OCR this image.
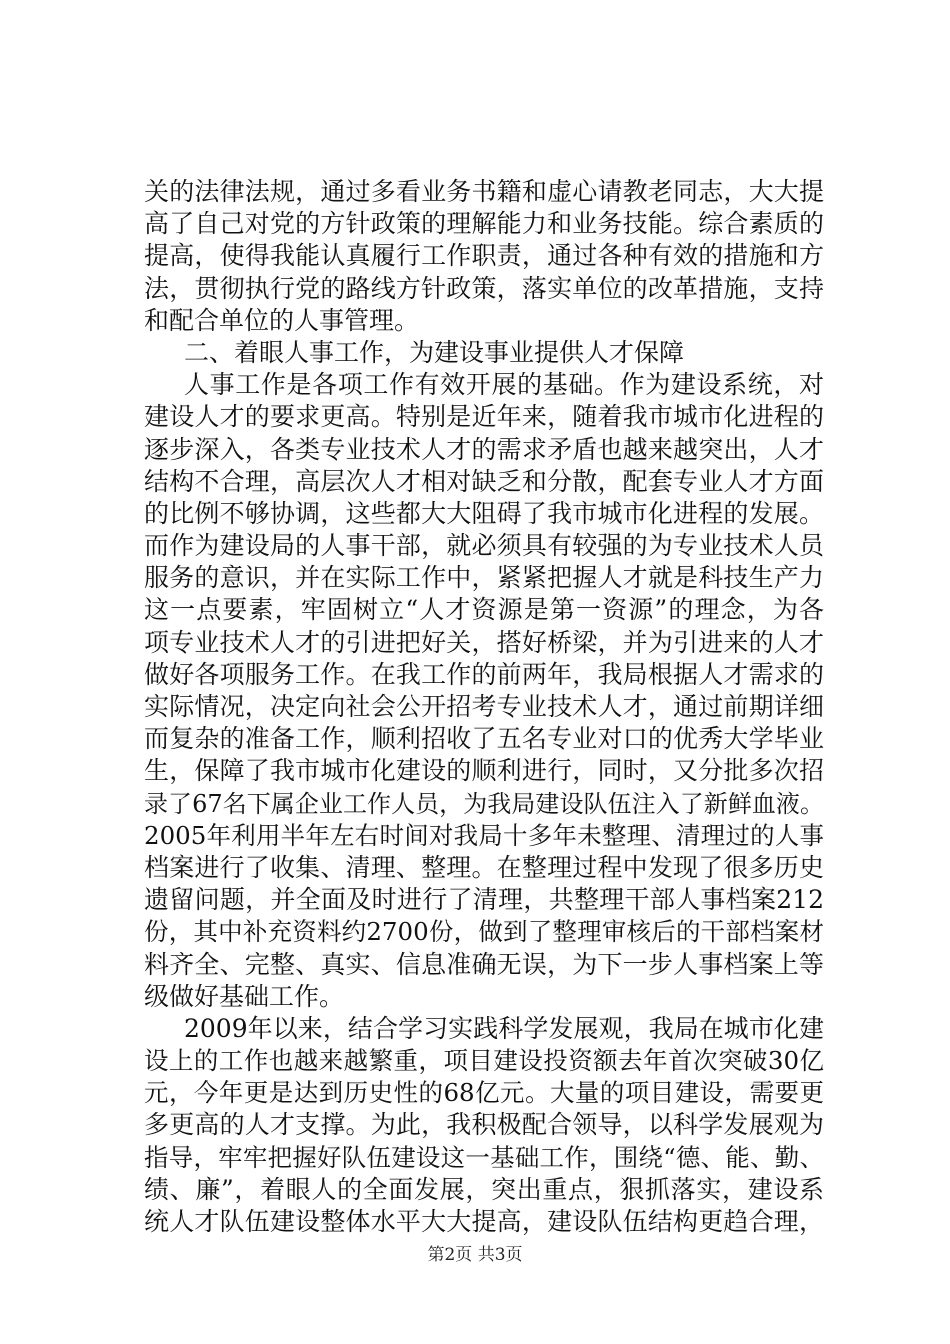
关的法律法规，通过多看业务书籍和虚心请教老同志，大大提
高了自己对党的方针政策的理解能力和业务技能。综合素质的
提高，使得我能认真履行工作职责，通过各种有效的措施和方
法，贯彻执行党的路线方针政策，落实单位的改革措施，支持
和配合单位的人事管理。
二、着眼人事工作，为建设事业提供人才保障
人事工作是各项工作有效开展的基础。作为建设系统，对
建设人才的要求更高。特别是近年来，随着我市城市化进程的
逐步深入，各类专业技术人才的需求矛盾也越来越突出，人才
结构不合理，高层次人才相对缺乏和分散，配套专业人才方面
的比例不够协调，这些都大大阻碍了我市城市化进程的发展。
而作为建设局的人事干部，就必须具有较强的为专业技术人员
服务的意识，并在实际工作中，紧紧把握人才就是科技生产力
这一点要素，牢固树立“人才资源是第一资源”的理念，为各
项专业技术人才的引进把好关，搭好桥梁，并为引进来的人才
做好各项服务工作。在我工作的前两年，我局根据人才需求的
实际情况，决定向社会公开招考专业技术人才，通过前期详细
而复杂的准备工作，顺利招收了五名专业对口的优秀大学毕业
生，保障了我市城市化建设的顺利进行，同时，又分批多次招
录了67名下属企业工作人员，为我局建设队伍注入了新鲜血液。
2005年利用半年左右时间对我局十多年未整理、清理过的人事
档案进行了收集、清理、整理。在整理过程中发现了很多历史
遗留问题，并全面及时进行了清理，共整理干部人事档案212
份，其中补充资料约2700份，做到了整理审核后的干部档案材
料齐全、完整、真实、信息准确无误，为下一步人事档案上等
级做好基础工作。
2009年以来，结合学习实践科学发展观，我局在城市化建
设上的工作也越来越繁重，项目建设投资额去年首次突破30亿
元，今年更是达到历史性的68亿元。大量的项目建设，需要更
多更高的人才支撑。为此，我积极配合领导，以科学发展观为
指导，牢牢把握好队伍建设这一基础工作，围绕“德、能、勤、
绩、廉”，着眼人的全面发展，突出重点，狠抓落实，建设系
统人才队伍建设整体水平大大提高，建设队伍结构更趋合理，
第2页 共3页
